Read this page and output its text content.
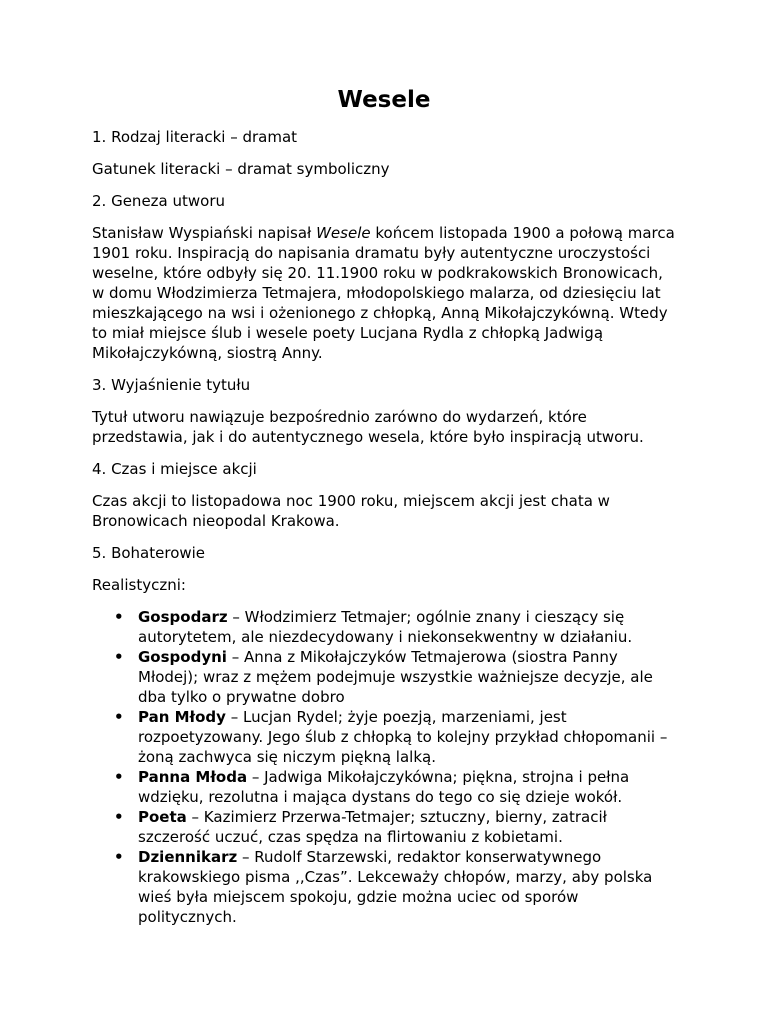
Wesele

1. Rodzaj literacki – dramat

Gatunek literacki – dramat symboliczny

2. Geneza utworu

Stanisław Wyspiański napisał Wesele końcem listopada 1900 a połową marca 1901 roku. Inspiracją do napisania dramatu były autentyczne uroczystości weselne, które odbyły się 20. 11.1900 roku w podkrakowskich Bronowicach, w domu Włodzimierza Tetmajera, młodopolskiego malarza, od dziesięciu lat mieszkającego na wsi i ożenionego z chłopką, Anną Mikołajczykówną. Wtedy to miał miejsce ślub i wesele poety Lucjana Rydla z chłopką Jadwigą Mikołajczykówną, siostrą Anny.

3. Wyjaśnienie tytułu

Tytuł utworu nawiązuje bezpośrednio zarówno do wydarzeń, które przedstawia, jak i do autentycznego wesela, które było inspiracją utworu.

4. Czas i miejsce akcji

Czas akcji to listopadowa noc 1900 roku, miejscem akcji jest chata w Bronowicach nieopodal Krakowa.

5. Bohaterowie

Realistyczni:

• Gospodarz – Włodzimierz Tetmajer; ogólnie znany i cieszący się autorytetem, ale niezdecydowany i niekonsekwentny w działaniu.
• Gospodyni – Anna z Mikołajczyków Tetmajerowa (siostra Panny Młodej); wraz z mężem podejmuje wszystkie ważniejsze decyzje, ale dba tylko o prywatne dobro
• Pan Młody – Lucjan Rydel; żyje poezją, marzeniami, jest rozpoetyzowany. Jego ślub z chłopką to kolejny przykład chłopomanii – żoną zachwyca się niczym piękną lalką.
• Panna Młoda – Jadwiga Mikołajczykówna; piękna, strojna i pełna wdzięku, rezolutna i mająca dystans do tego co się dzieje wokół.
• Poeta – Kazimierz Przerwa-Tetmajer; sztuczny, bierny, zatracił szczerość uczuć, czas spędza na flirtowaniu z kobietami.
• Dziennikarz – Rudolf Starzewski, redaktor konserwatywnego krakowskiego pisma ,,Czas”. Lekceważy chłopów, marzy, aby polska wieś była miejscem spokoju, gdzie można uciec od sporów politycznych.
